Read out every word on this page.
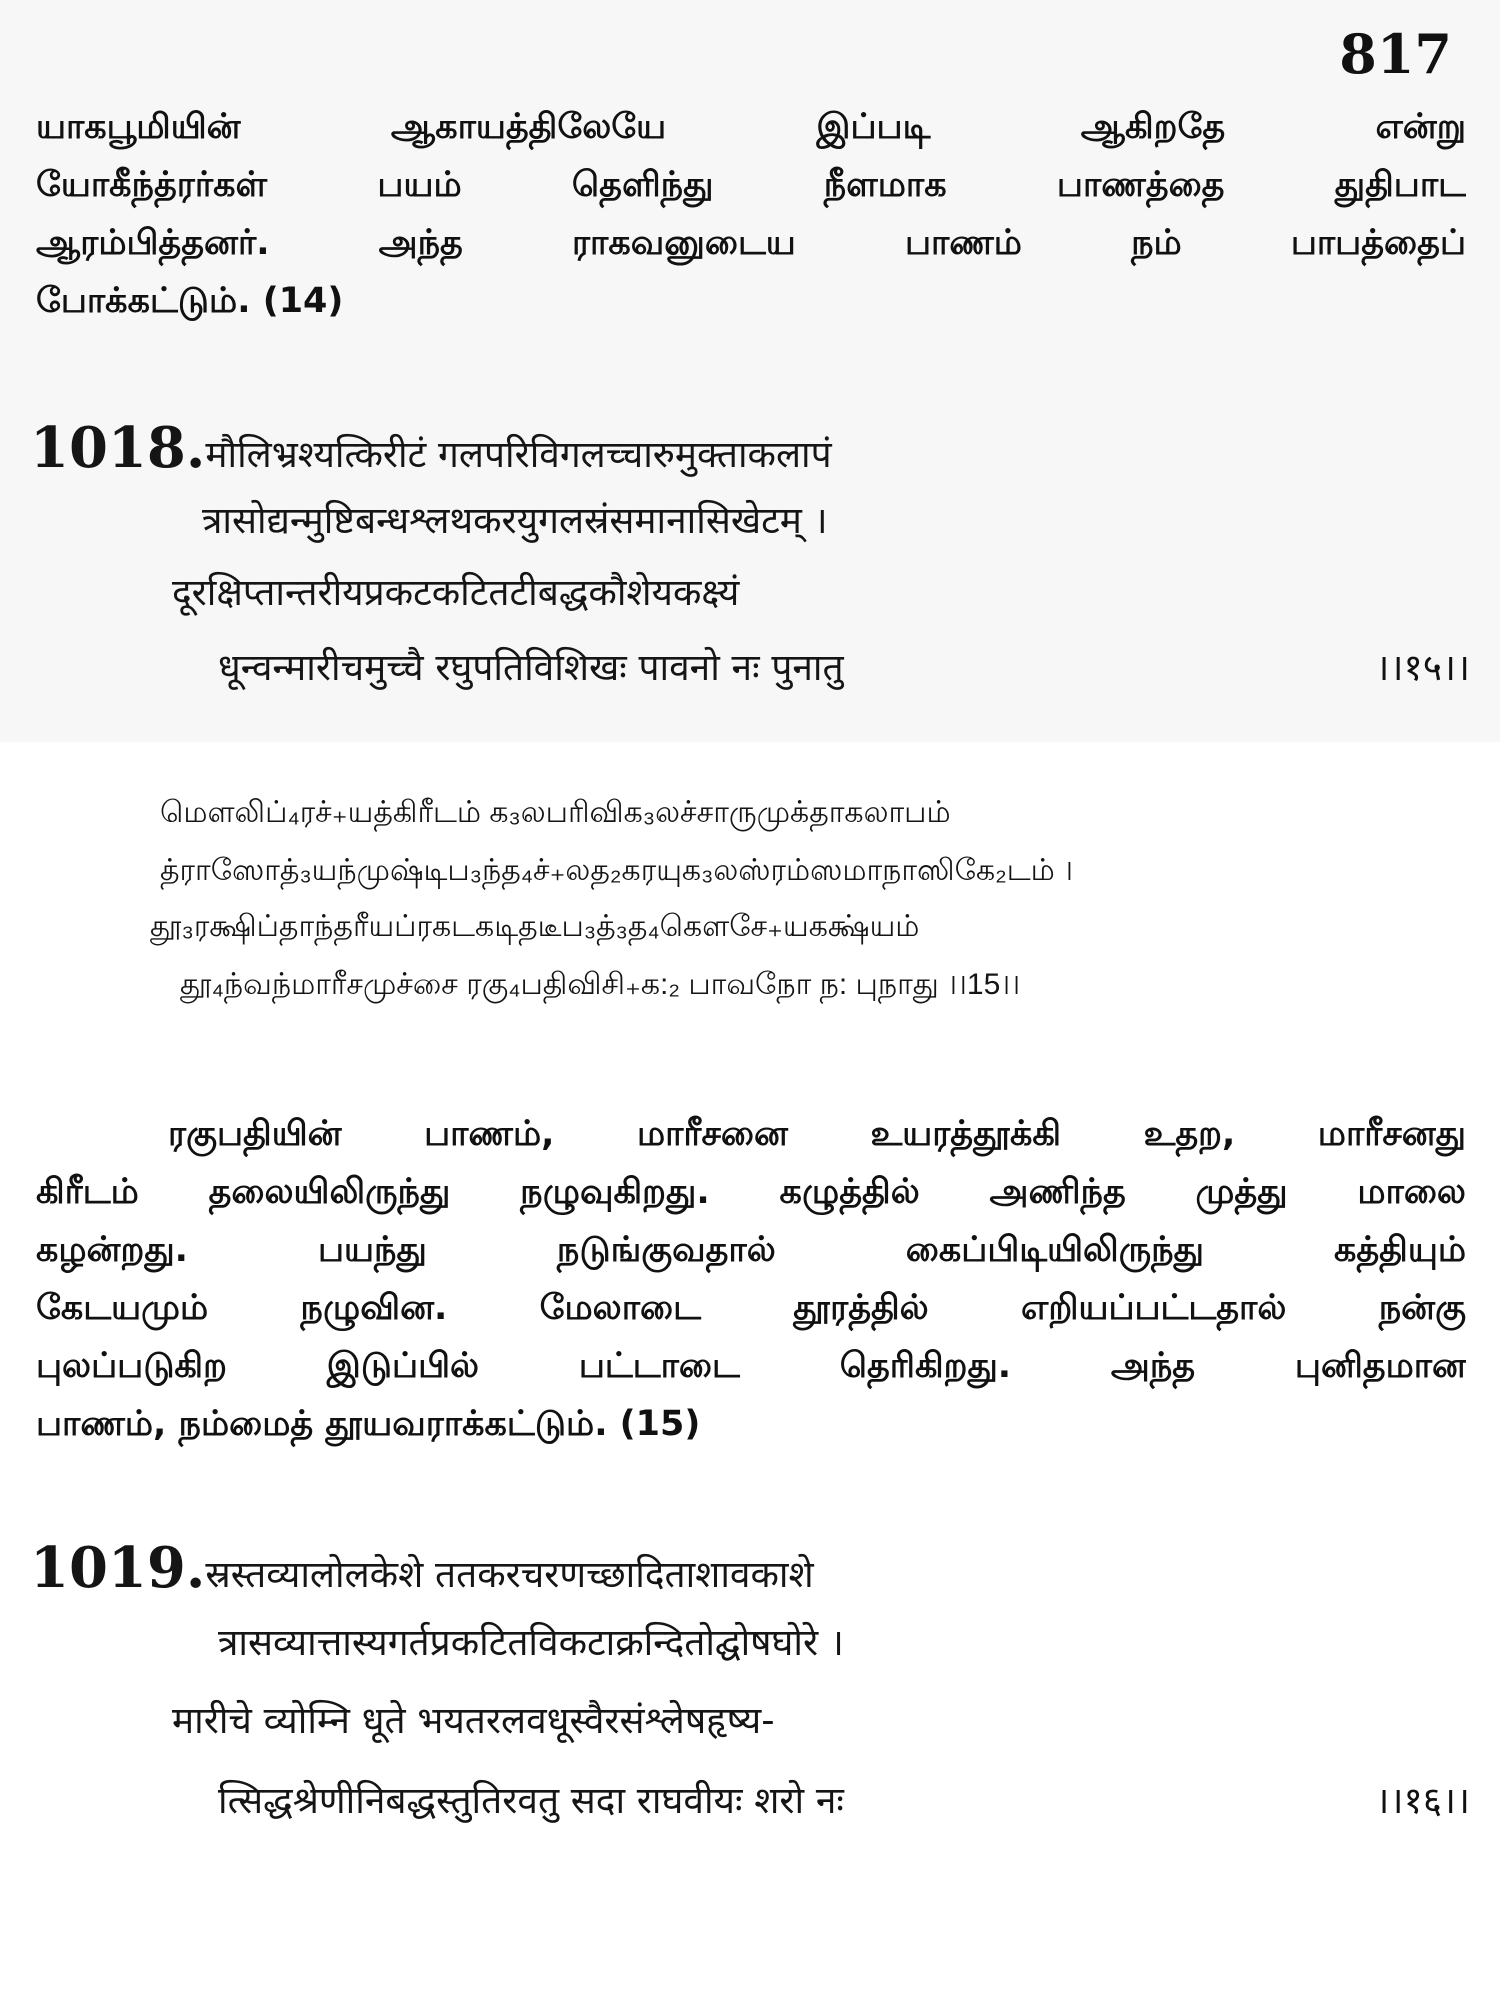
817
யாகபூமியின் ஆகாயத்திலேயே இப்படி ஆகிறதே என்று
யோகீந்த்ரர்கள் பயம் தெளிந்து நீளமாக பாணத்தை துதிபாட
ஆரம்பித்தனர். அந்த ராகவனுடைய பாணம் நம் பாபத்தைப்
போக்கட்டும். (14)
1018.मौलिभ्रश्यत्किरीटं गलपरिविगलच्चारुमुक्ताकलापं
त्रासोद्यन्मुष्टिबन्धश्लथकरयुगलस्रंसमानासिखेटम् ।
दूरक्षिप्तान्तरीयप्रकटकटितटीबद्धकौशेयकक्ष्यं
धून्वन्मारीचमुच्चै रघुपतिविशिखः पावनो नः पुनातु	।।१५।।
மௌலிப்₄ரச்₊யத்கிரீடம் க₃லபரிவிக₃லச்சாருமுக்தாகலாபம்
த்ராஸோத்₃யந்முஷ்டிப₃ந்த₄ச்₊லத₂கரயுக₃லஸ்ரம்ஸமாநாஸிகே₂டம் ।
தூ₃ரக்ஷிப்தாந்தரீயப்ரகடகடிதடீப₃த்₃த₄கௌசே₊யகக்ஷ்யம்
தூ₄ந்வந்மாரீசமுச்சை ரகு₄பதிவிசி₊க:₂ பாவநோ ந: புநாது ।।15।।
ரகுபதியின் பாணம், மாரீசனை உயரத்தூக்கி உதற, மாரீசனது
கிரீடம் தலையிலிருந்து நழுவுகிறது. கழுத்தில் அணிந்த முத்து மாலை
கழன்றது. பயந்து நடுங்குவதால் கைப்பிடியிலிருந்து கத்தியும்
கேடயமும் நழுவின. மேலாடை தூரத்தில் எறியப்பட்டதால் நன்கு
புலப்படுகிற இடுப்பில் பட்டாடை தெரிகிறது. அந்த புனிதமான
பாணம், நம்மைத் தூயவராக்கட்டும். (15)
1019.स्रस्तव्यालोलकेशे ततकरचरणच्छादिताशावकाशे
त्रासव्यात्तास्यगर्तप्रकटितविकटाक्रन्दितोद्घोषघोरे ।
मारीचे व्योम्नि धूते भयतरलवधूस्वैरसंश्लेषहृष्य-
त्सिद्धश्रेणीनिबद्धस्तुतिरवतु सदा राघवीयः शरो नः	।।१६।।
